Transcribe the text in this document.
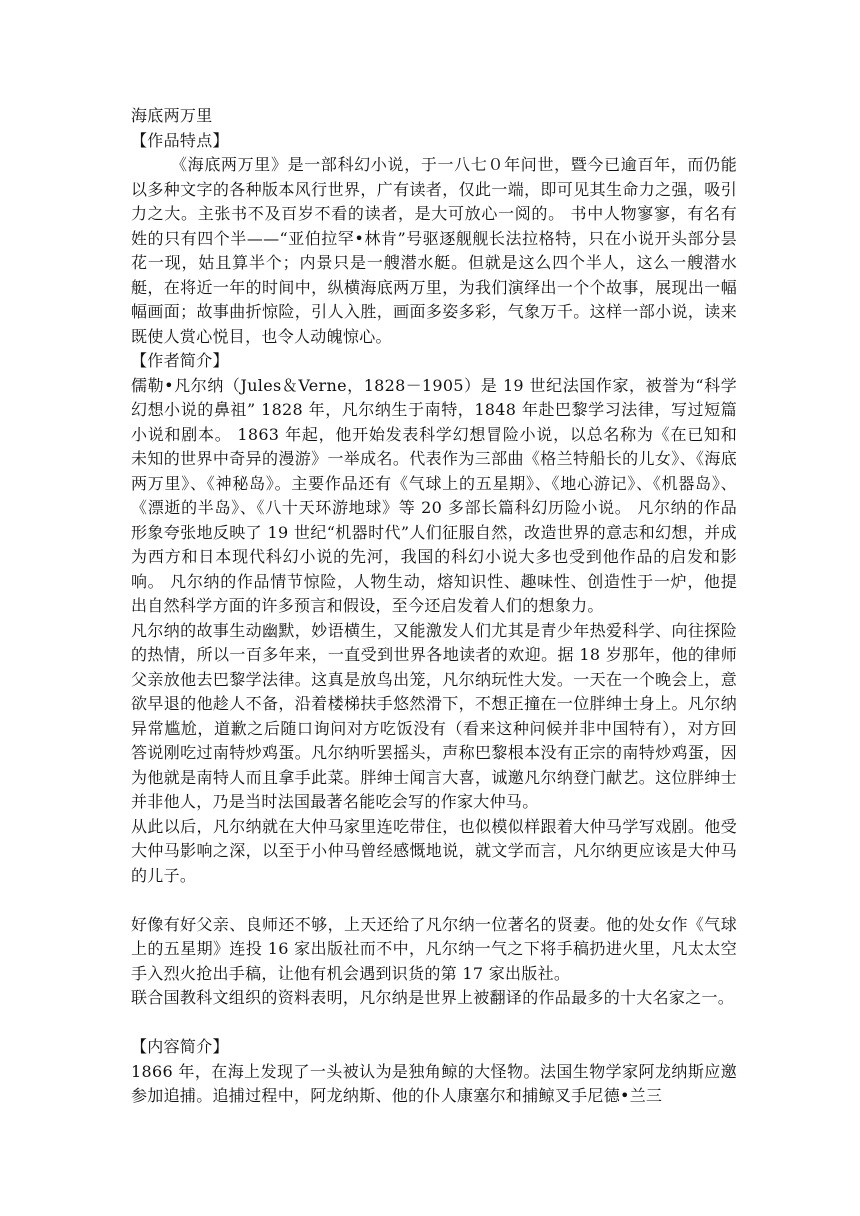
海底两万里

【作品特点】

《海底两万里》是一部科幻小说，于一八七０年问世，暨今已逾百年，而仍能以多种文字的各种版本风行世界，广有读者，仅此一端，即可见其生命力之强，吸引力之大。主张书不及百岁不看的读者，是大可放心一阅的。 书中人物寥寥，有名有姓的只有四个半——“亚伯拉罕•林肯”号驱逐舰舰长法拉格特，只在小说开头部分昙花一现，姑且算半个；内景只是一艘潜水艇。但就是这么四个半人，这么一艘潜水艇，在将近一年的时间中，纵横海底两万里，为我们演绎出一个个故事，展现出一幅幅画面；故事曲折惊险，引人入胜，画面多姿多彩，气象万千。这样一部小说，读来既使人赏心悦目，也令人动魄惊心。

【作者简介】

儒勒•凡尔纳（Jules＆Verne，1828－1905）是 19 世纪法国作家，被誉为“科学幻想小说的鼻祖” 1828 年，凡尔纳生于南特，1848 年赴巴黎学习法律，写过短篇小说和剧本。 1863 年起，他开始发表科学幻想冒险小说，以总名称为《在已知和未知的世界中奇异的漫游》一举成名。代表作为三部曲《格兰特船长的儿女》、《海底两万里》、《神秘岛》。主要作品还有《气球上的五星期》、《地心游记》、《机器岛》、《漂逝的半岛》、《八十天环游地球》等 20 多部长篇科幻历险小说。 凡尔纳的作品形象夸张地反映了 19 世纪“机器时代”人们征服自然，改造世界的意志和幻想，并成为西方和日本现代科幻小说的先河，我国的科幻小说大多也受到他作品的启发和影响。 凡尔纳的作品情节惊险，人物生动，熔知识性、趣味性、创造性于一炉，他提出自然科学方面的许多预言和假设，至今还启发着人们的想象力。

凡尔纳的故事生动幽默，妙语横生，又能激发人们尤其是青少年热爱科学、向往探险的热情，所以一百多年来，一直受到世界各地读者的欢迎。据 18 岁那年，他的律师父亲放他去巴黎学法律。这真是放鸟出笼，凡尔纳玩性大发。一天在一个晚会上，意欲早退的他趁人不备，沿着楼梯扶手悠然滑下，不想正撞在一位胖绅士身上。凡尔纳异常尴尬，道歉之后随口询问对方吃饭没有（看来这种问候并非中国特有），对方回答说刚吃过南特炒鸡蛋。凡尔纳听罢摇头，声称巴黎根本没有正宗的南特炒鸡蛋，因为他就是南特人而且拿手此菜。胖绅士闻言大喜，诚邀凡尔纳登门献艺。这位胖绅士并非他人，乃是当时法国最著名能吃会写的作家大仲马。

从此以后，凡尔纳就在大仲马家里连吃带住，也似模似样跟着大仲马学写戏剧。他受大仲马影响之深，以至于小仲马曾经感慨地说，就文学而言，凡尔纳更应该是大仲马的儿子。

好像有好父亲、良师还不够，上天还给了凡尔纳一位著名的贤妻。他的处女作《气球上的五星期》连投 16 家出版社而不中，凡尔纳一气之下将手稿扔进火里，凡太太空手入烈火抢出手稿，让他有机会遇到识货的第 17 家出版社。

联合国教科文组织的资料表明，凡尔纳是世界上被翻译的作品最多的十大名家之一。

【内容简介】

1866 年，在海上发现了一头被认为是独角鲸的大怪物。法国生物学家阿龙纳斯应邀参加追捕。追捕过程中，阿龙纳斯、他的仆人康塞尔和捕鲸叉手尼德•兰三
